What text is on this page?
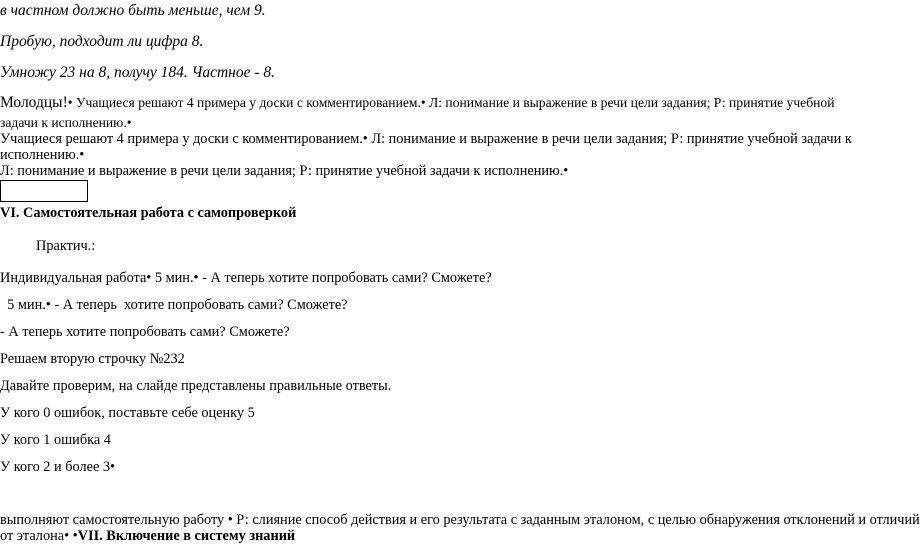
в частном должно быть меньше, чем 9.
Пробую, подходит ли цифра 8.
Умножу 23 на 8, получу 184. Частное - 8.
Молодцы!• Учащиеся решают 4 примера у доски с комментированием.• Л: понимание и выражение в речи цели задания; Р: принятие учебной
задачи к исполнению.•
Учащиеся решают 4 примера у доски с комментированием.• Л: понимание и выражение в речи цели задания; Р: принятие учебной задачи к
исполнению.•
Л: понимание и выражение в речи цели задания; Р: принятие учебной задачи к исполнению.•
VI. Самостоятельная работа с самопроверкой
Практич.:
Индивидуальная работа• 5 мин.• - А теперь хотите попробовать сами? Сможете?
5 мин.• - А теперь  хотите попробовать сами? Сможете?
- А теперь хотите попробовать сами? Сможете?
Решаем вторую строчку №232
Давайте проверим, на слайде представлены правильные ответы.
У кого 0 ошибок, поставьте себе оценку 5
У кого 1 ошибка 4
У кого 2 и более 3•
выполняют самостоятельную работу • Р: слияние способ действия и его результата с заданным эталоном, с целью обнаружения отклонений и отличий
от эталона• •VII. Включение в систему знаний
